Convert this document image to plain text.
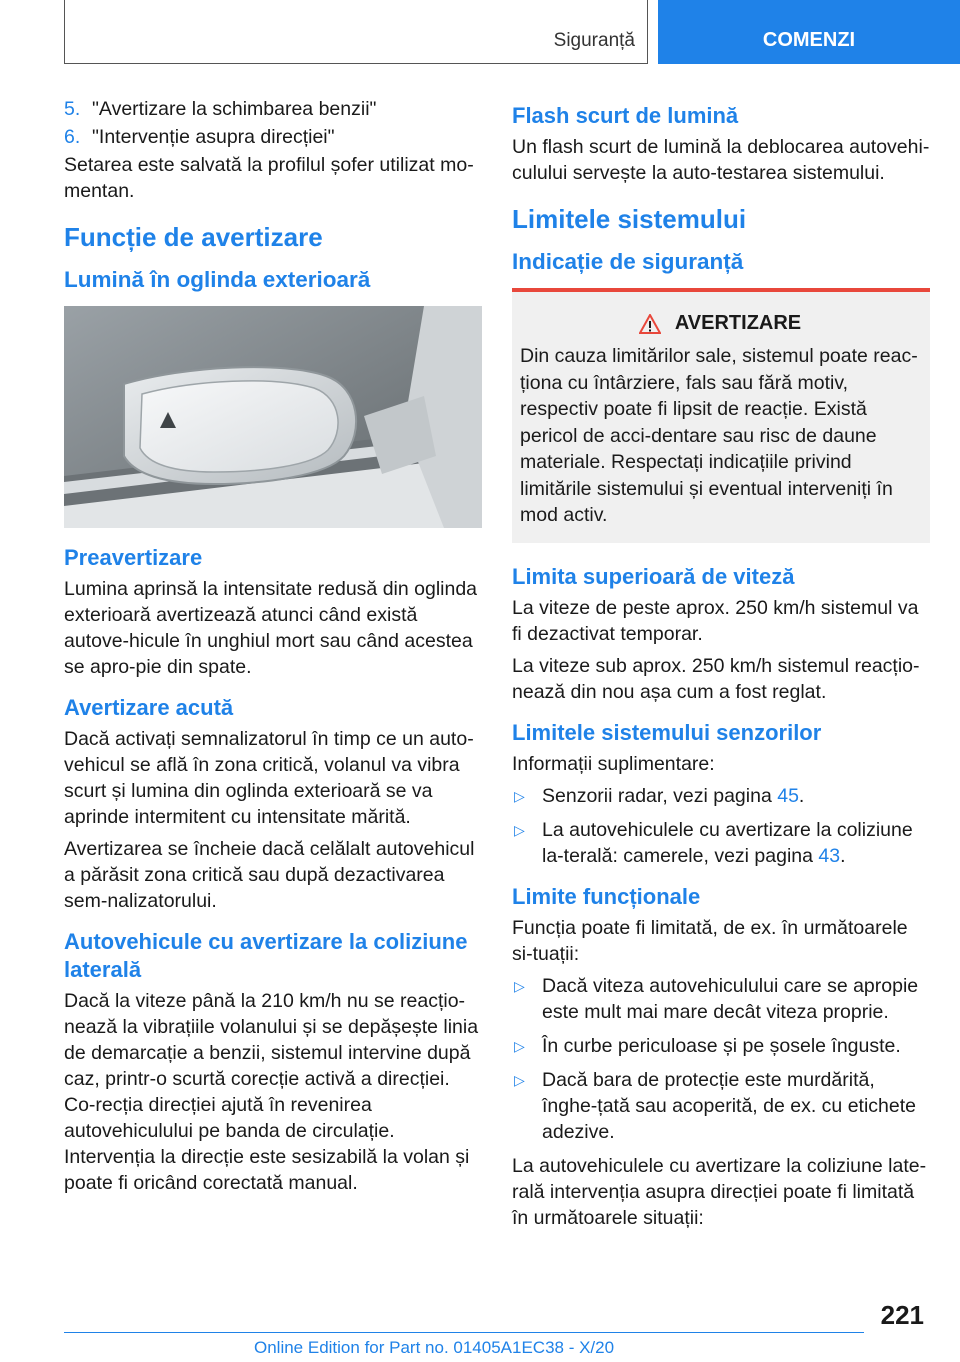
Siguranță	COMENZI
5. "Avertizare la schimbarea benzii"
6. "Intervenție asupra direcției"

Setarea este salvată la profilul șofer utilizat mo-mentan.

Funcție de avertizare
Lumină în oglinda exterioară
Preavertizare

Lumina aprinsă la intensitate redusă din oglinda exterioară avertizează atunci când există autove-hicule în unghiul mort sau când acestea se apro-pie din spate.

Avertizare acută

Dacă activați semnalizatorul în timp ce un auto-vehicul se află în zona critică, volanul va vibra scurt și lumina din oglinda exterioară se va aprinde intermitent cu intensitate mărită.

Avertizarea se încheie dacă celălalt autovehicul a părăsit zona critică sau după dezactivarea sem-nalizatorului.

Autovehicule cu avertizare la coliziune laterală

Dacă la viteze până la 210 km/h nu se reacțio-nează la vibrațiile volanului și se depășește linia de demarcație a benzii, sistemul intervine după caz, printr-o scurtă corecție activă a direcției. Co-recția direcției ajută în revenirea autovehiculului pe banda de circulație. Intervenția la direcție este sesizabilă la volan și poate fi oricând corectată manual.

Flash scurt de lumină

Un flash scurt de lumină la deblocarea autovehi-culului servește la auto-testarea sistemului.

Limitele sistemului
Indicație de siguranță
AVERTIZARE

Din cauza limitărilor sale, sistemul poate reac-ționa cu întârziere, fals sau fără motiv, respectiv poate fi lipsit de reacție. Există pericol de acci-dentare sau risc de daune materiale. Respectați indicațiile privind limitările sistemului și eventual interveniți în mod activ.

Limita superioară de viteză

La viteze de peste aprox. 250 km/h sistemul va fi dezactivat temporar.

La viteze sub aprox. 250 km/h sistemul reacțio-nează din nou așa cum a fost reglat.

Limitele sistemului senzorilor

Informații suplimentare:

▷ Senzorii radar, vezi pagina 45.
▷ La autovehiculele cu avertizare la coliziune la-terală: camerele, vezi pagina 43.
Limite funcționale

Funcția poate fi limitată, de ex. în următoarele si-tuații:

▷ Dacă viteza autovehiculului care se apropie este mult mai mare decât viteza proprie.
▷ În curbe periculoase și pe șosele înguste.
▷ Dacă bara de protecție este murdărită, înghe-țată sau acoperită, de ex. cu etichete adezive.

La autovehiculele cu avertizare la coliziune late-rală intervenția asupra direcției poate fi limitată în următoarele situații:

221
Online Edition for Part no. 01405A1EC38 - X/20
